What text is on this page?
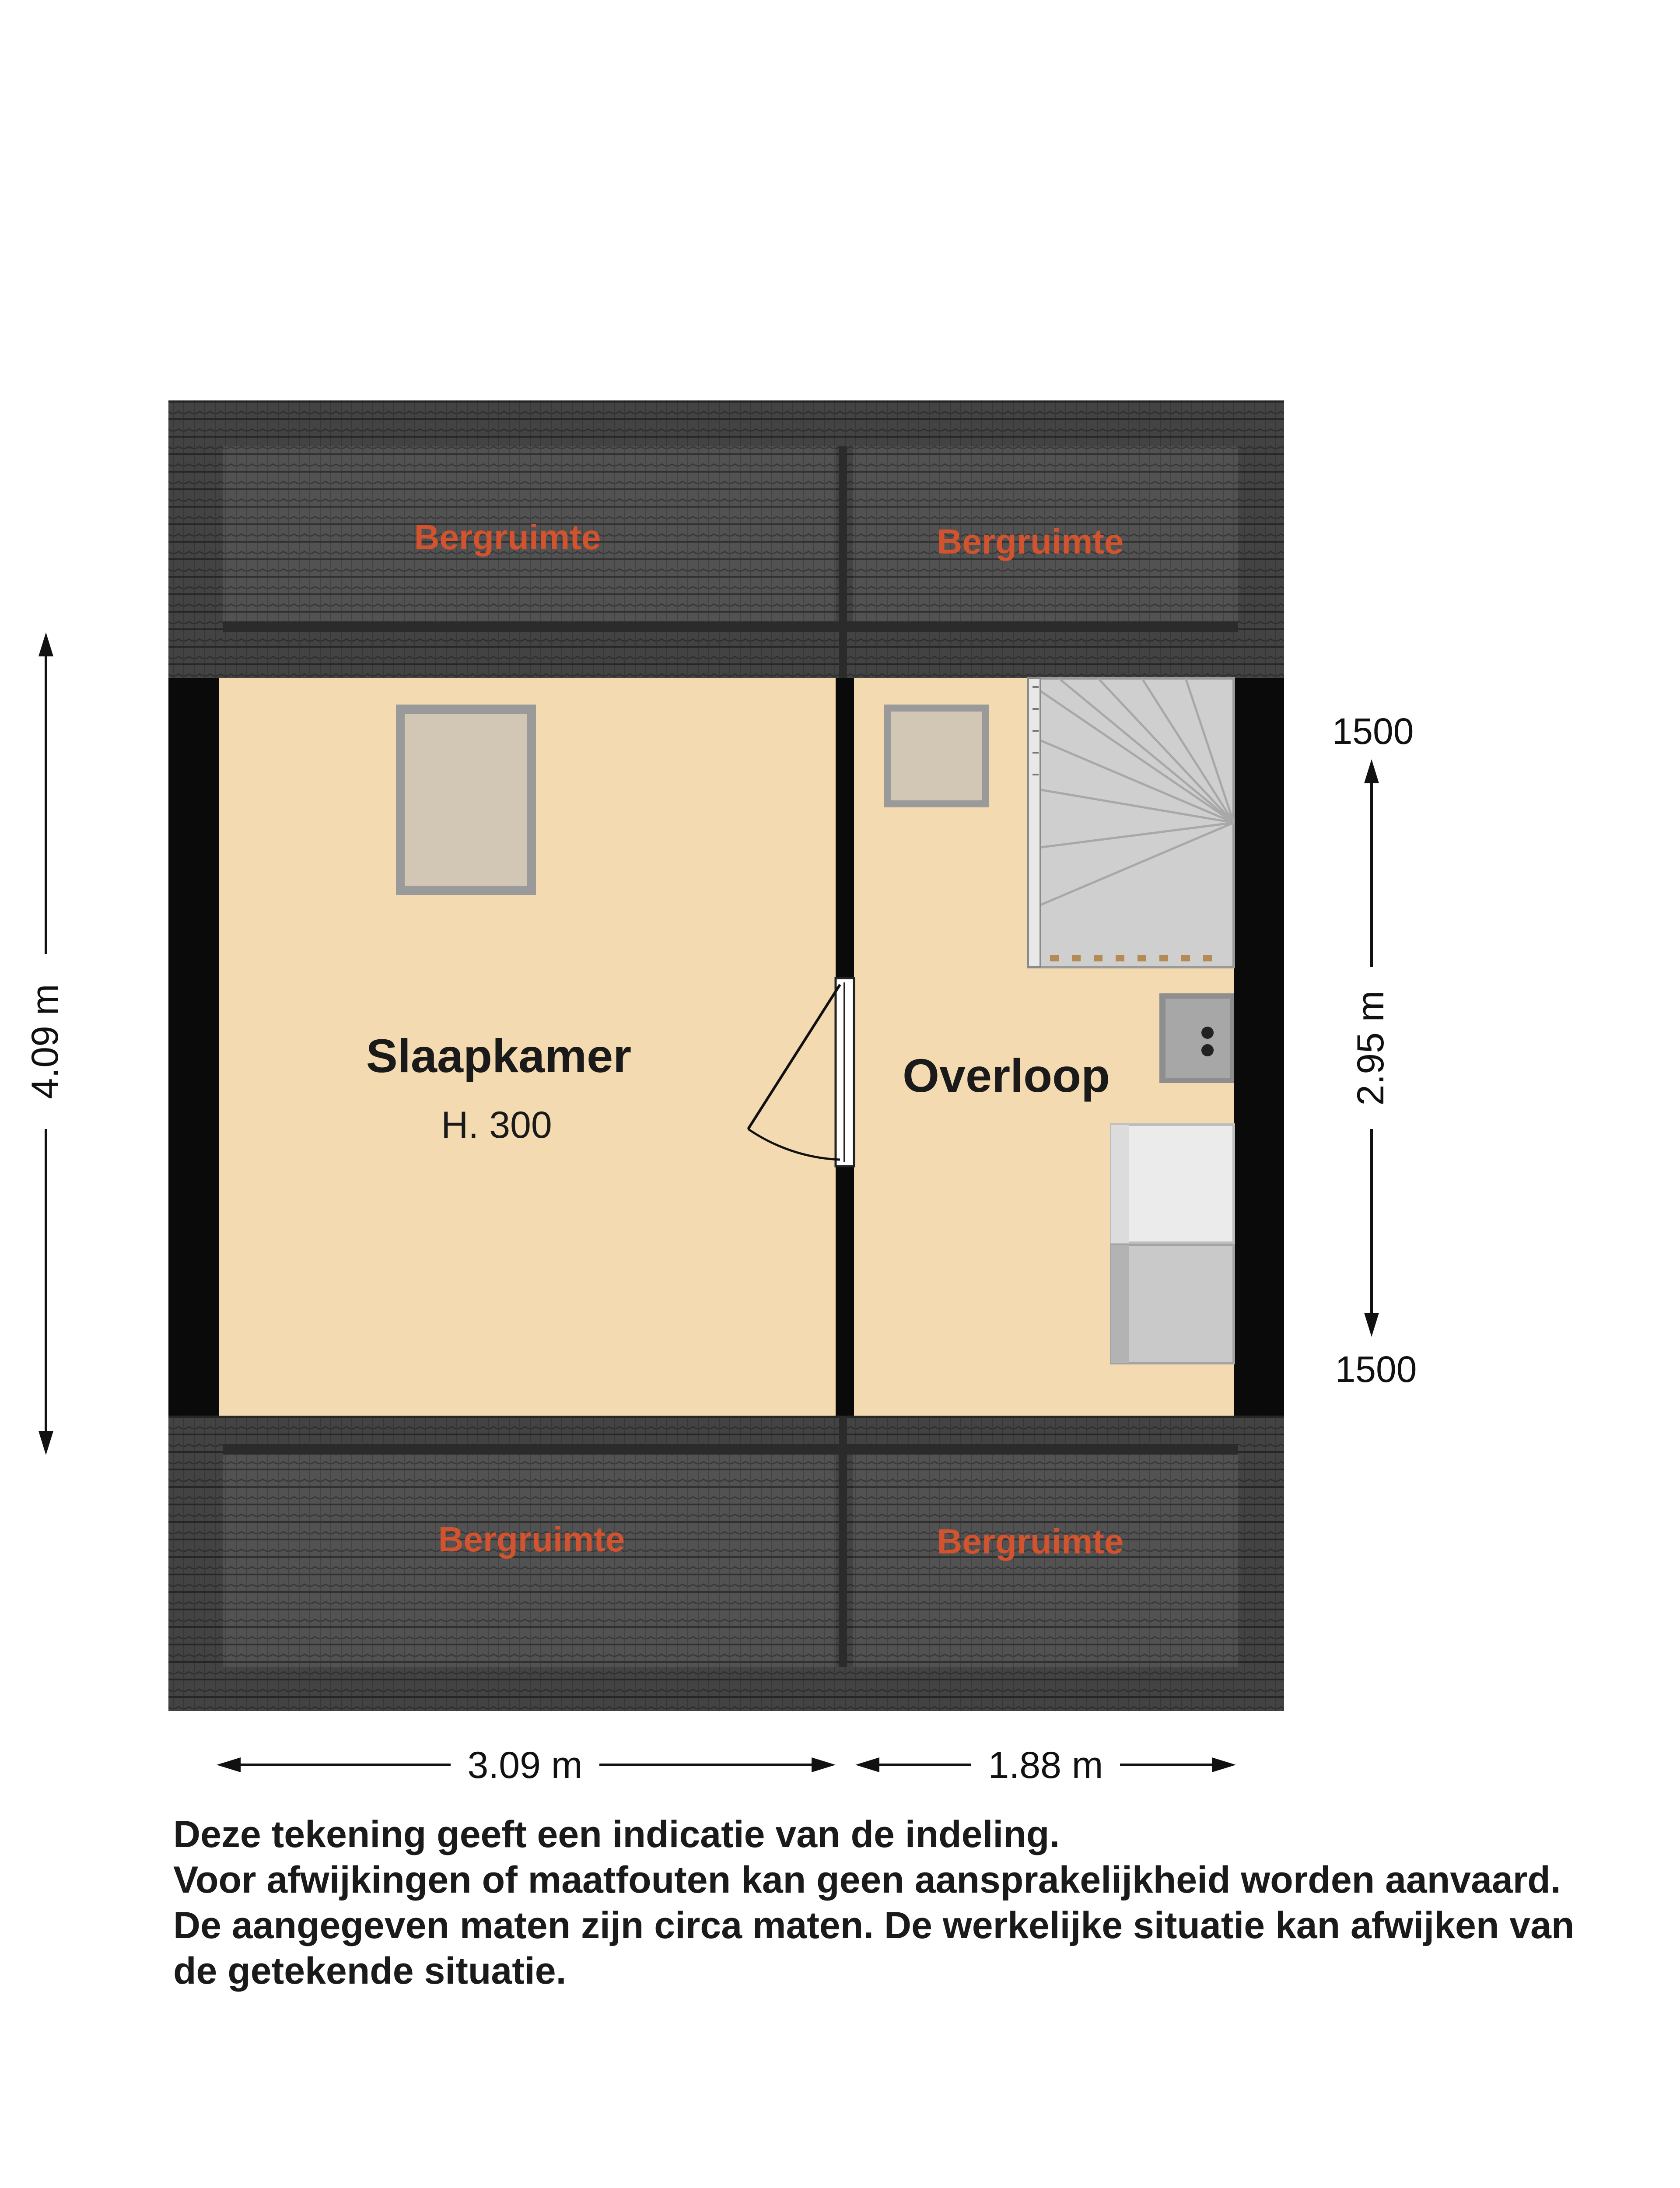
Bergruimte	Bergruimte
Bergruimte	Bergruimte
Slaapkamer
H. 300
Overloop
4.09 m	2.95 m
1500
1500
3.09 m	1.88 m
Deze tekening geeft een indicatie van de indeling.
Voor afwijkingen of maatfouten kan geen aansprakelijkheid worden aanvaard.
De aangegeven maten zijn circa maten. De werkelijke situatie kan afwijken van
de getekende situatie.
